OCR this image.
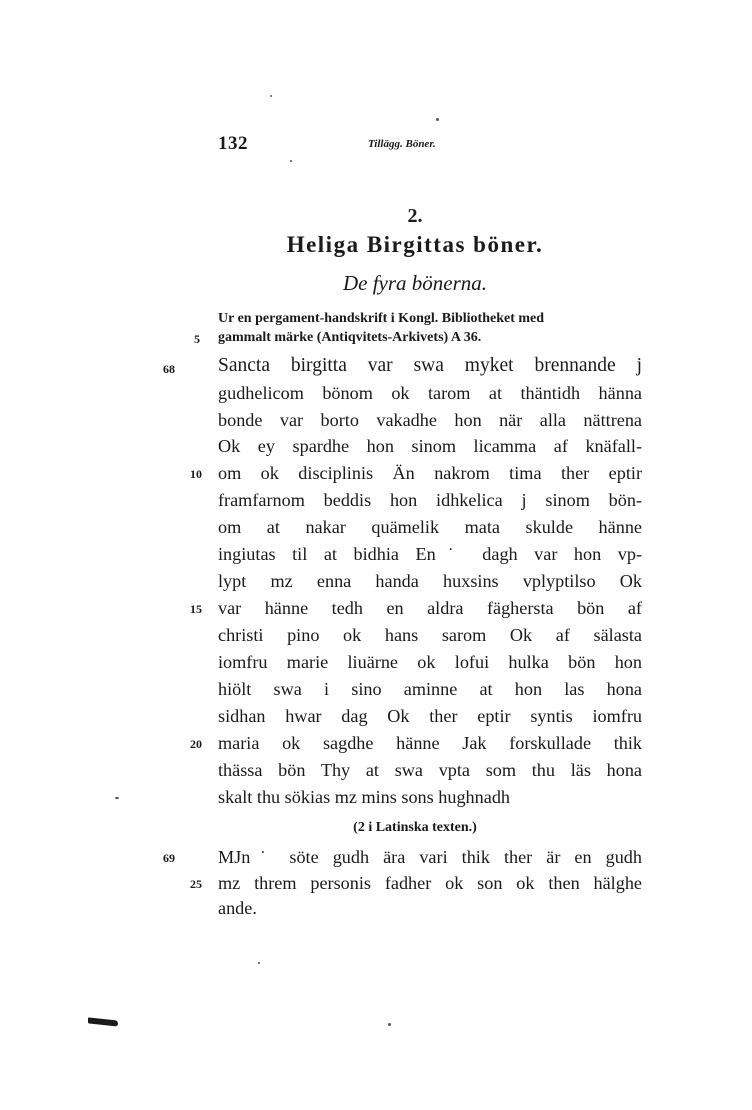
132	Tillägg. Böner.
2.
Heliga Birgittas böner.
De fyra bönerna.
Ur en pergament-handskrift i Kongl. Bibliotheket med
gammalt märke (Antiqvitets-Arkivets) A 36.
Sancta birgitta var swa myket brennande j
gudhelicom bönom ok tarom at thäntidh hänna
bonde var borto vakadhe hon när alla nättrena
Ok ey spardhe hon sinom licamma af knäfall-
om ok disciplinis Än nakrom tima ther eptir
framfarnom beddis hon idhkelica j sinom bön-
om at nakar quämelik mata skulde hänne
ingiutas til at bidhia En˙ dagh var hon vp-
lypt mz enna handa huxsins vplyptilso Ok
var hänne tedh en aldra fäghersta bön af
christi pino ok hans sarom Ok af sälasta
iomfru marie liuärne ok lofui hulka bön hon
hiölt swa i sino aminne at hon las hona
sidhan hwar dag Ok ther eptir syntis iomfru
maria ok sagdhe hänne Jak forskullade thik
thässa bön Thy at swa vpta som thu läs hona
skalt thu sökias mz mins sons hughnadh
(2 i Latinska texten.)
MJn˙ söte gudh ära vari thik ther är en gudh
mz threm personis fadher ok son ok then hälghe
ande.
5
10
15
20
25
68
69
